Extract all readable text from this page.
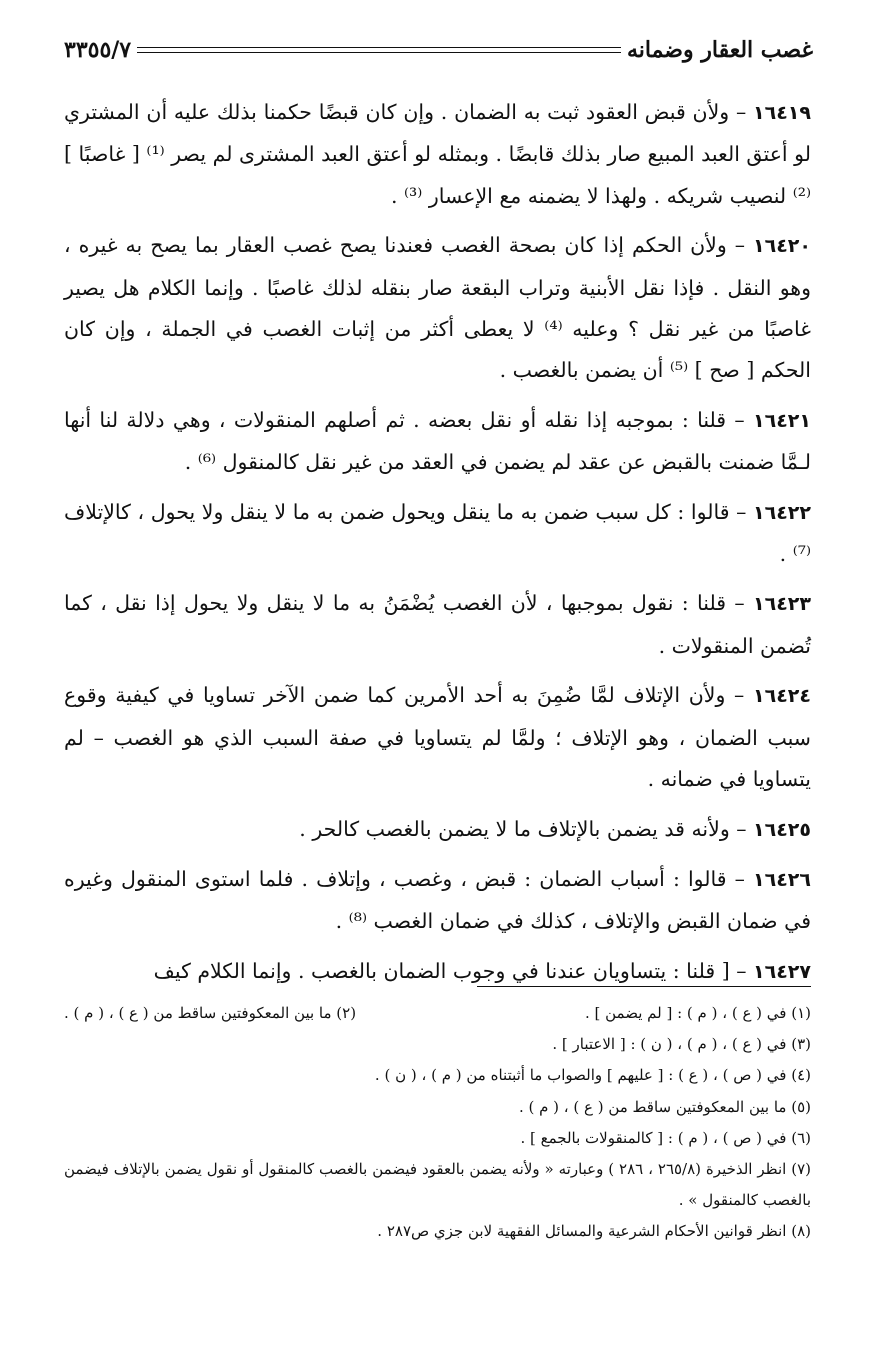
غصب العقار وضمانه
٣٣٥٥/٧

١٦٤١٩ – ولأن قبض العقود ثبت به الضمان . وإن كان قبضًا حكمنا بذلك عليه أن المشتري لو أعتق العبد المبيع صار بذلك قابضًا . وبمثله لو أعتق العبد المشترى لم يصر ⁽¹⁾ [ غاصبًا ] ⁽²⁾ لنصيب شريكه . ولهذا لا يضمنه مع الإعسار ⁽³⁾ .

١٦٤٢٠ – ولأن الحكم إذا كان بصحة الغصب فعندنا يصح غصب العقار بما يصح به غيره ، وهو النقل . فإذا نقل الأبنية وتراب البقعة صار بنقله لذلك غاصبًا . وإنما الكلام هل يصير غاصبًا من غير نقل ؟ وعليه ⁽⁴⁾ لا يعطى أكثر من إثبات الغصب في الجملة ، وإن كان الحكم [ صح ] ⁽⁵⁾ أن يضمن بالغصب .

١٦٤٢١ – قلنا : بموجبه إذا نقله أو نقل بعضه . ثم أصلهم المنقولات ، وهي دلالة لنا أنها لـمَّا ضمنت بالقبض عن عقد لم يضمن في العقد من غير نقل كالمنقول ⁽⁶⁾ .

١٦٤٢٢ – قالوا : كل سبب ضمن به ما ينقل ويحول ضمن به ما لا ينقل ولا يحول ، كالإتلاف ⁽⁷⁾ .

١٦٤٢٣ – قلنا : نقول بموجبها ، لأن الغصب يُضْمَنُ به ما لا ينقل ولا يحول إذا نقل ، كما تُضمن المنقولات .

١٦٤٢٤ – ولأن الإتلاف لمَّا ضُمِنَ به أحد الأمرين كما ضمن الآخر تساويا في كيفية وقوع سبب الضمان ، وهو الإتلاف ؛ ولمَّا لم يتساويا في صفة السبب الذي هو الغصب – لم يتساويا في ضمانه .

١٦٤٢٥ – ولأنه قد يضمن بالإتلاف ما لا يضمن بالغصب كالحر .

١٦٤٢٦ – قالوا : أسباب الضمان : قبض ، وغصب ، وإتلاف . فلما استوى المنقول وغيره في ضمان القبض والإتلاف ، كذلك في ضمان الغصب ⁽⁸⁾ .

١٦٤٢٧ – [ قلنا : يتساويان عندنا في وجوب الضمان بالغصب . وإنما الكلام كيف

(١) في ( ع ) ، ( م ) : [ لم يضمن ] .

(٢) ما بين المعكوفتين ساقط من ( ع ) ، ( م ) .

(٣) في ( ع ) ، ( م ) ، ( ن ) : [ الاعتبار ] .

(٤) في ( ص ) ، ( ع ) : [ عليهم ] والصواب ما أثبتناه من ( م ) ، ( ن ) .

(٥) ما بين المعكوفتين ساقط من ( ع ) ، ( م ) .

(٦) في ( ص ) ، ( م ) : [ كالمنقولات بالجمع ] .

(٧) انظر الذخيرة (٢٦٥/٨ ، ٢٨٦ ) وعبارته « ولأنه يضمن بالعقود فيضمن بالغصب كالمنقول أو نقول يضمن بالإتلاف فيضمن بالغصب كالمنقول » .

(٨) انظر قوانين الأحكام الشرعية والمسائل الفقهية لابن جزي ص٢٨٧ .
